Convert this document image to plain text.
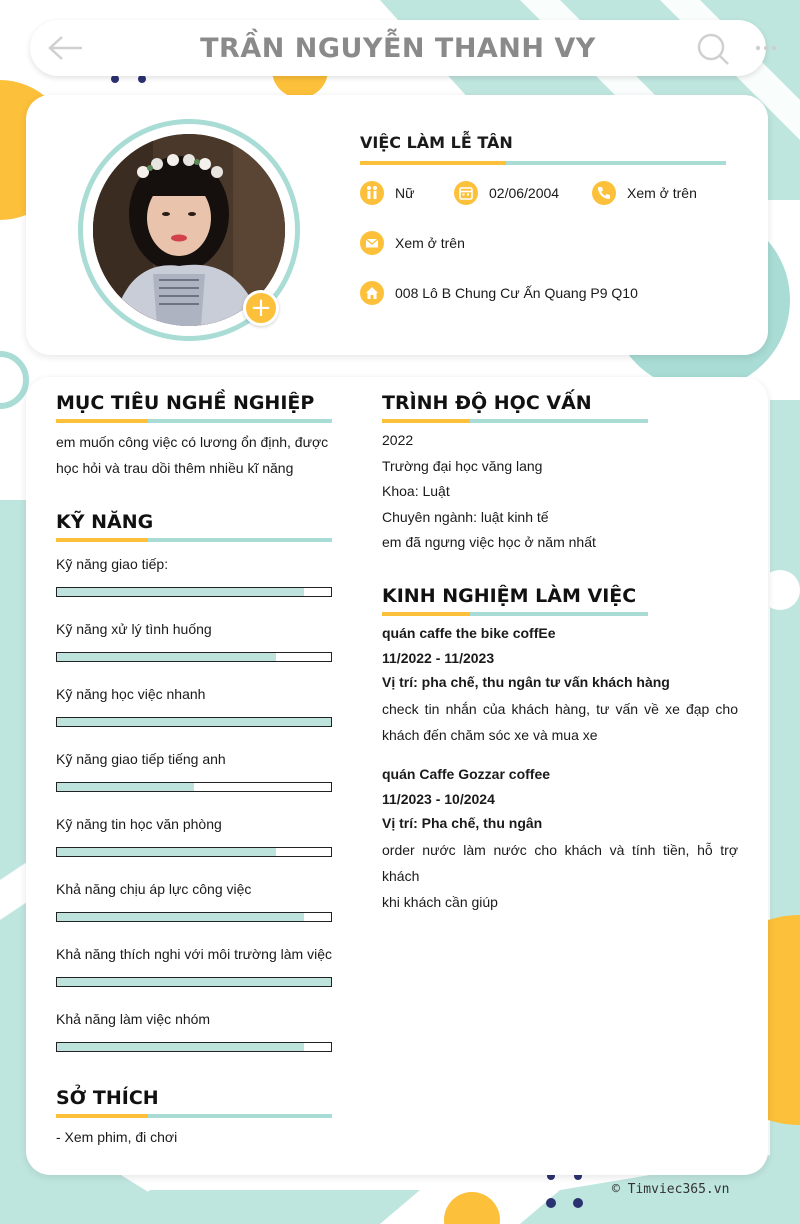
TRẦN NGUYỄN THANH VY
+
VIỆC LÀM LỄ TÂN
Nữ	02/06/2004	Xem ở trên
Xem ở trên
008 Lô B Chung Cư Ấn Quang P9 Q10
MỤC TIÊU NGHỀ NGHIỆP
em muốn công việc có lương ổn định, được
học hỏi và trau dồi thêm nhiều kĩ năng
KỸ NĂNG
Kỹ năng giao tiếp:
Kỹ năng xử lý tình huống
Kỹ năng học việc nhanh
Kỹ năng giao tiếp tiếng anh
Kỹ năng tin học văn phòng
Khả năng chịu áp lực công việc
Khả năng thích nghi với môi trường làm việc
Khả năng làm việc nhóm
SỞ THÍCH
- Xem phim, đi chơi
TRÌNH ĐỘ HỌC VẤN
2022
Trường đại học văng lang
Khoa: Luật
Chuyên ngành: luật kinh tế
em đã ngưng việc học ở năm nhất
KINH NGHIỆM LÀM VIỆC
quán caffe the bike coffEe
11/2022 - 11/2023
Vị trí: pha chế, thu ngân tư vấn khách hàng
check tin nhắn của khách hàng, tư vấn về xe đạp cho
khách đến chăm sóc xe và mua xe
quán Caffe Gozzar coffee
11/2023 - 10/2024
Vị trí: Pha chế, thu ngân
order nước làm nước cho khách và tính tiền, hỗ trợ khách
khi khách cần giúp
© Timviec365.vn
